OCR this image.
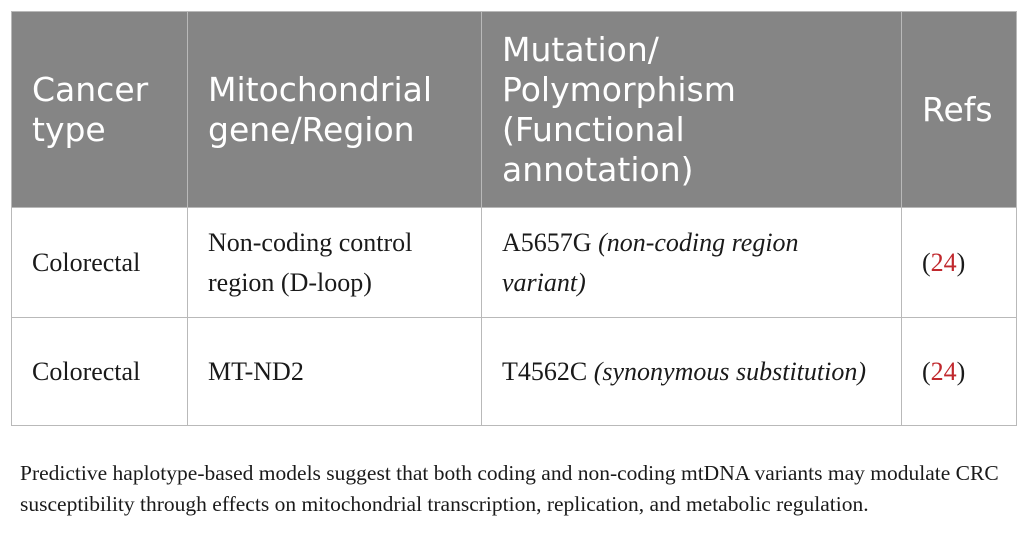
Cancer type	Mitochondrial gene/Region	Mutation/ Polymorphism (Functional annotation)	Refs
Colorectal	Non-coding control region (D-loop)	A5657G (non-coding region variant)	(24)
Colorectal	MT-ND2	T4562C (synonymous substitution)	(24)

Predictive haplotype-based models suggest that both coding and non-coding mtDNA variants may modulate CRC susceptibility through effects on mitochondrial transcription, replication, and metabolic regulation.
